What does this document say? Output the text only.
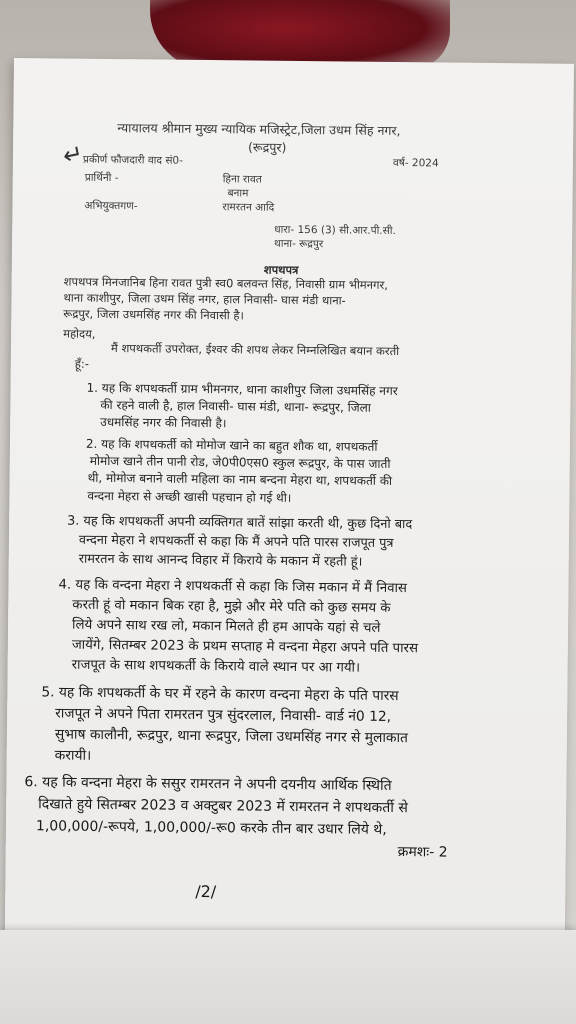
↵
न्यायालय श्रीमान मुख्य न्यायिक मजिस्ट्रेट,जिला उधम सिंह नगर,
(रूद्रपुर)
प्रकीर्ण फौजदारी वाद सं0-	वर्ष- 2024
प्रार्थिनी -	हिना रावत
बनाम
अभियुक्तगण-	रामरतन आदि
धारा- 156 (3) सी.आर.पी.सी.
थाना- रूद्रपुर
शपथपत्र
शपथपत्र मिनजानिब हिना रावत पुत्री स्व0 बलवन्त सिंह, निवासी ग्राम भीमनगर,
थाना काशीपुर, जिला उधम सिंह नगर, हाल निवासी- घास मंडी थाना-
रूद्रपुर, जिला उधमसिंह नगर की निवासी है।
महोदय,
मैं शपथकर्ती उपरोक्त, ईश्वर की शपथ लेकर निम्नलिखित बयान करती
हूँ:-
1. यह कि शपथकर्ती ग्राम भीमनगर, थाना काशीपुर जिला उधमसिंह नगर
की रहने वाली है, हाल निवासी- घास मंडी, थाना- रूद्रपुर, जिला
उधमसिंह नगर की निवासी है।
2. यह कि शपथकर्ती को मोमोज खाने का बहुत शौक था, शपथकर्ती
मोमोज खाने तीन पानी रोड, जे0पी0एस0 स्कुल रूद्रपुर, के पास जाती
थी, मोमोज बनाने वाली महिला का नाम बन्दना मेहरा था, शपथकर्ती की
वन्दना मेहरा से अच्छी खासी पहचान हो गई थी।
3. यह कि शपथकर्ती अपनी व्यक्तिगत बातें सांझा करती थी, कुछ दिनो बाद
वन्दना मेहरा ने शपथकर्ती से कहा कि मैं अपने पति पारस राजपूत पुत्र
रामरतन के साथ आनन्द विहार में किराये के मकान में रहती हूं।
4. यह कि वन्दना मेहरा ने शपथकर्ती से कहा कि जिस मकान में मैं निवास
करती हूं वो मकान बिक रहा है, मुझे और मेरे पति को कुछ समय के
लिये अपने साथ रख लो, मकान मिलते ही हम आपके यहां से चले
जायेंगे, सितम्बर 2023 के प्रथम सप्ताह मे वन्दना मेहरा अपने पति पारस
राजपूत के साथ शपथकर्ती के किराये वाले स्थान पर आ गयी।
5. यह कि शपथकर्ती के घर में रहने के कारण वन्दना मेहरा के पति पारस
राजपूत ने अपने पिता रामरतन पुत्र सुंदरलाल, निवासी- वार्ड नं0 12,
सुभाष कालौनी, रूद्रपुर, थाना रूद्रपुर, जिला उधमसिंह नगर से मुलाकात
करायी।
6. यह कि वन्दना मेहरा के ससुर रामरतन ने अपनी दयनीय आर्थिक स्थिति
दिखाते हुये सितम्बर 2023 व अक्टुबर 2023 में रामरतन ने शपथकर्ती से
1,00,000/-रूपये, 1,00,000/-रू0 करके तीन बार उधार लिये थे,
क्रमशः- 2
/2/
